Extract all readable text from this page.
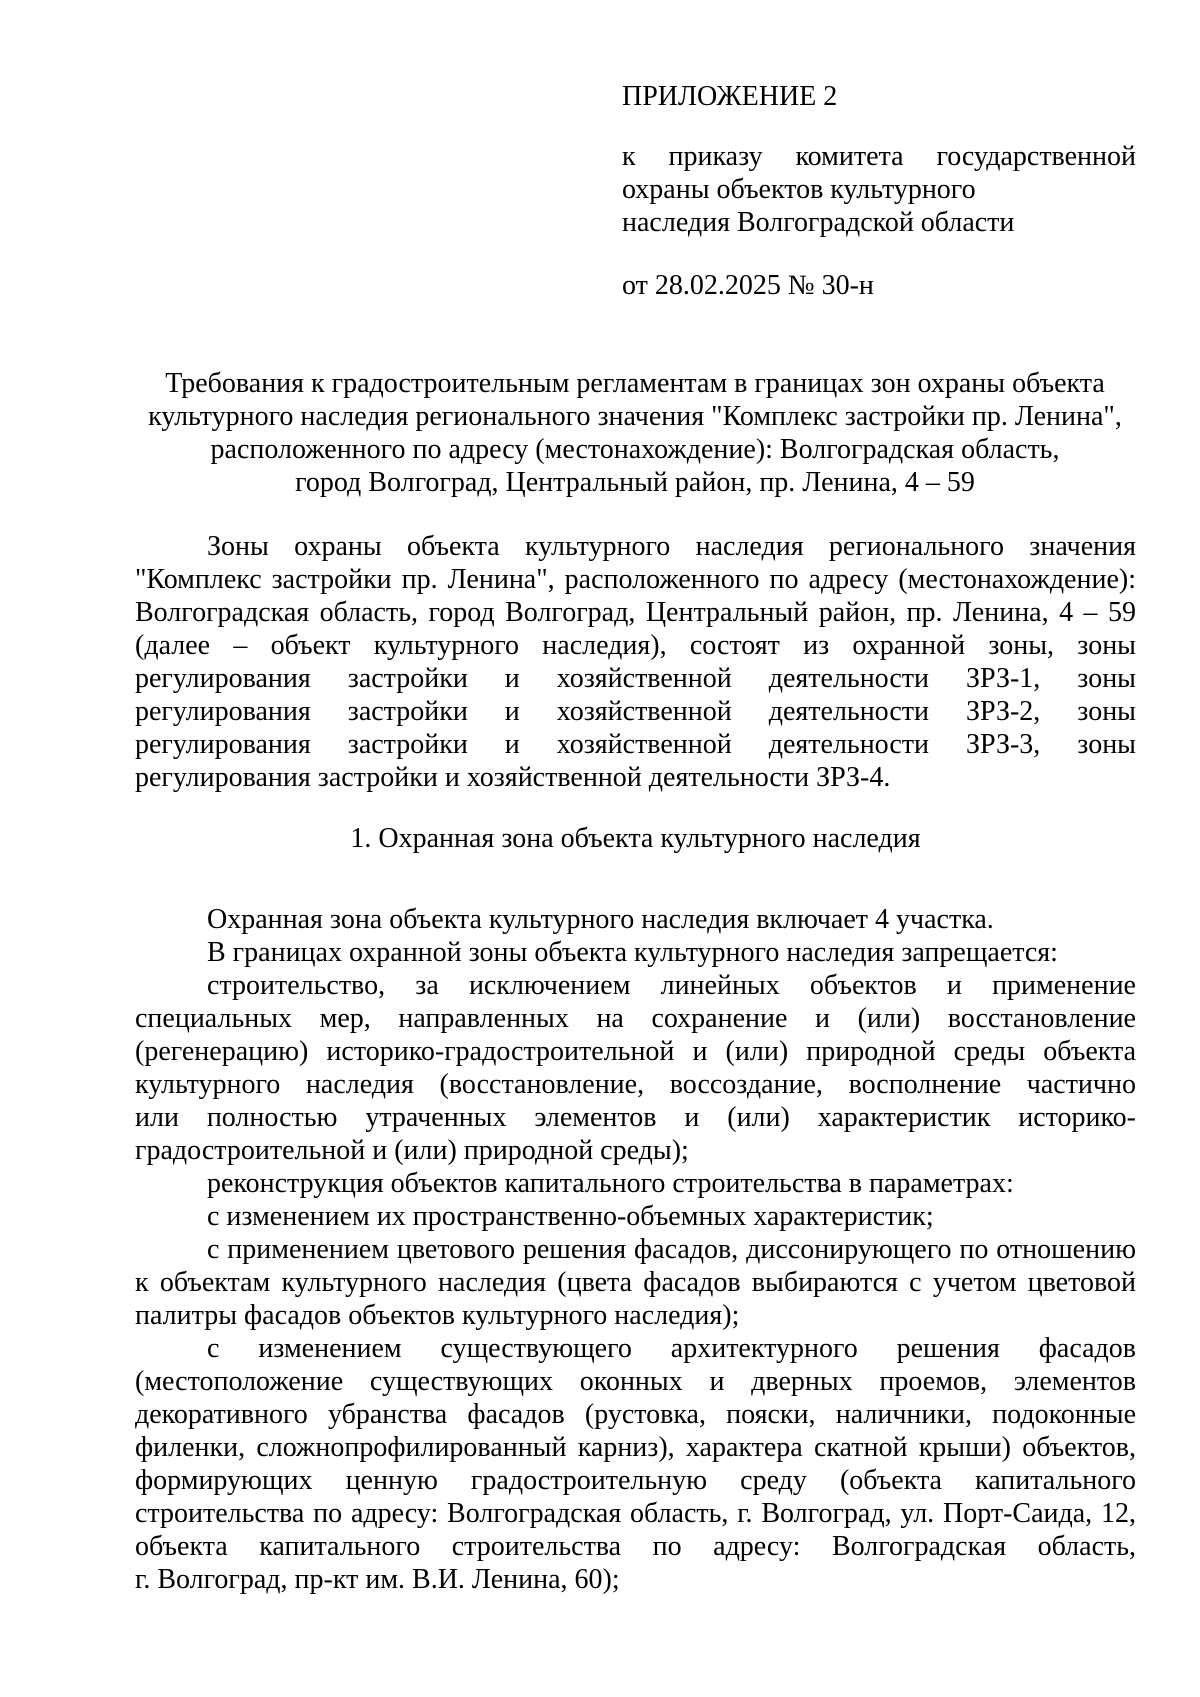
ПРИЛОЖЕНИЕ 2
к приказу комитета государственной
охраны объектов культурного
наследия Волгоградской области
от 28.02.2025 № 30-н
Требования к градостроительным регламентам в границах зон охраны объекта
культурного наследия регионального значения "Комплекс застройки пр. Ленина",
расположенного по адресу (местонахождение): Волгоградская область,
город Волгоград, Центральный район, пр. Ленина, 4 – 59
Зоны охраны объекта культурного наследия регионального значения
"Комплекс застройки пр. Ленина", расположенного по адресу (местонахождение):
Волгоградская область, город Волгоград, Центральный район, пр. Ленина, 4 – 59
(далее – объект культурного наследия), состоят из охранной зоны, зоны
регулирования застройки и хозяйственной деятельности ЗРЗ-1, зоны
регулирования застройки и хозяйственной деятельности ЗРЗ-2, зоны
регулирования застройки и хозяйственной деятельности ЗРЗ-3, зоны
регулирования застройки и хозяйственной деятельности ЗРЗ-4.
1. Охранная зона объекта культурного наследия
Охранная зона объекта культурного наследия включает 4 участка.
В границах охранной зоны объекта культурного наследия запрещается:
строительство, за исключением линейных объектов и применение
специальных мер, направленных на сохранение и (или) восстановление
(регенерацию) историко-градостроительной и (или) природной среды объекта
культурного наследия (восстановление, воссоздание, восполнение частично
или полностью утраченных элементов и (или) характеристик историко-
градостроительной и (или) природной среды);
реконструкция объектов капитального строительства в параметрах:
с изменением их пространственно-объемных характеристик;
с применением цветового решения фасадов, диссонирующего по отношению
к объектам культурного наследия (цвета фасадов выбираются с учетом цветовой
палитры фасадов объектов культурного наследия);
с изменением существующего архитектурного решения фасадов
(местоположение существующих оконных и дверных проемов, элементов
декоративного убранства фасадов (рустовка, пояски, наличники, подоконные
филенки, сложнопрофилированный карниз), характера скатной крыши) объектов,
формирующих ценную градостроительную среду (объекта капитального
строительства по адресу: Волгоградская область, г. Волгоград, ул. Порт-Саида, 12,
объекта капитального строительства по адресу: Волгоградская область,
г. Волгоград, пр-кт им. В.И. Ленина, 60);
